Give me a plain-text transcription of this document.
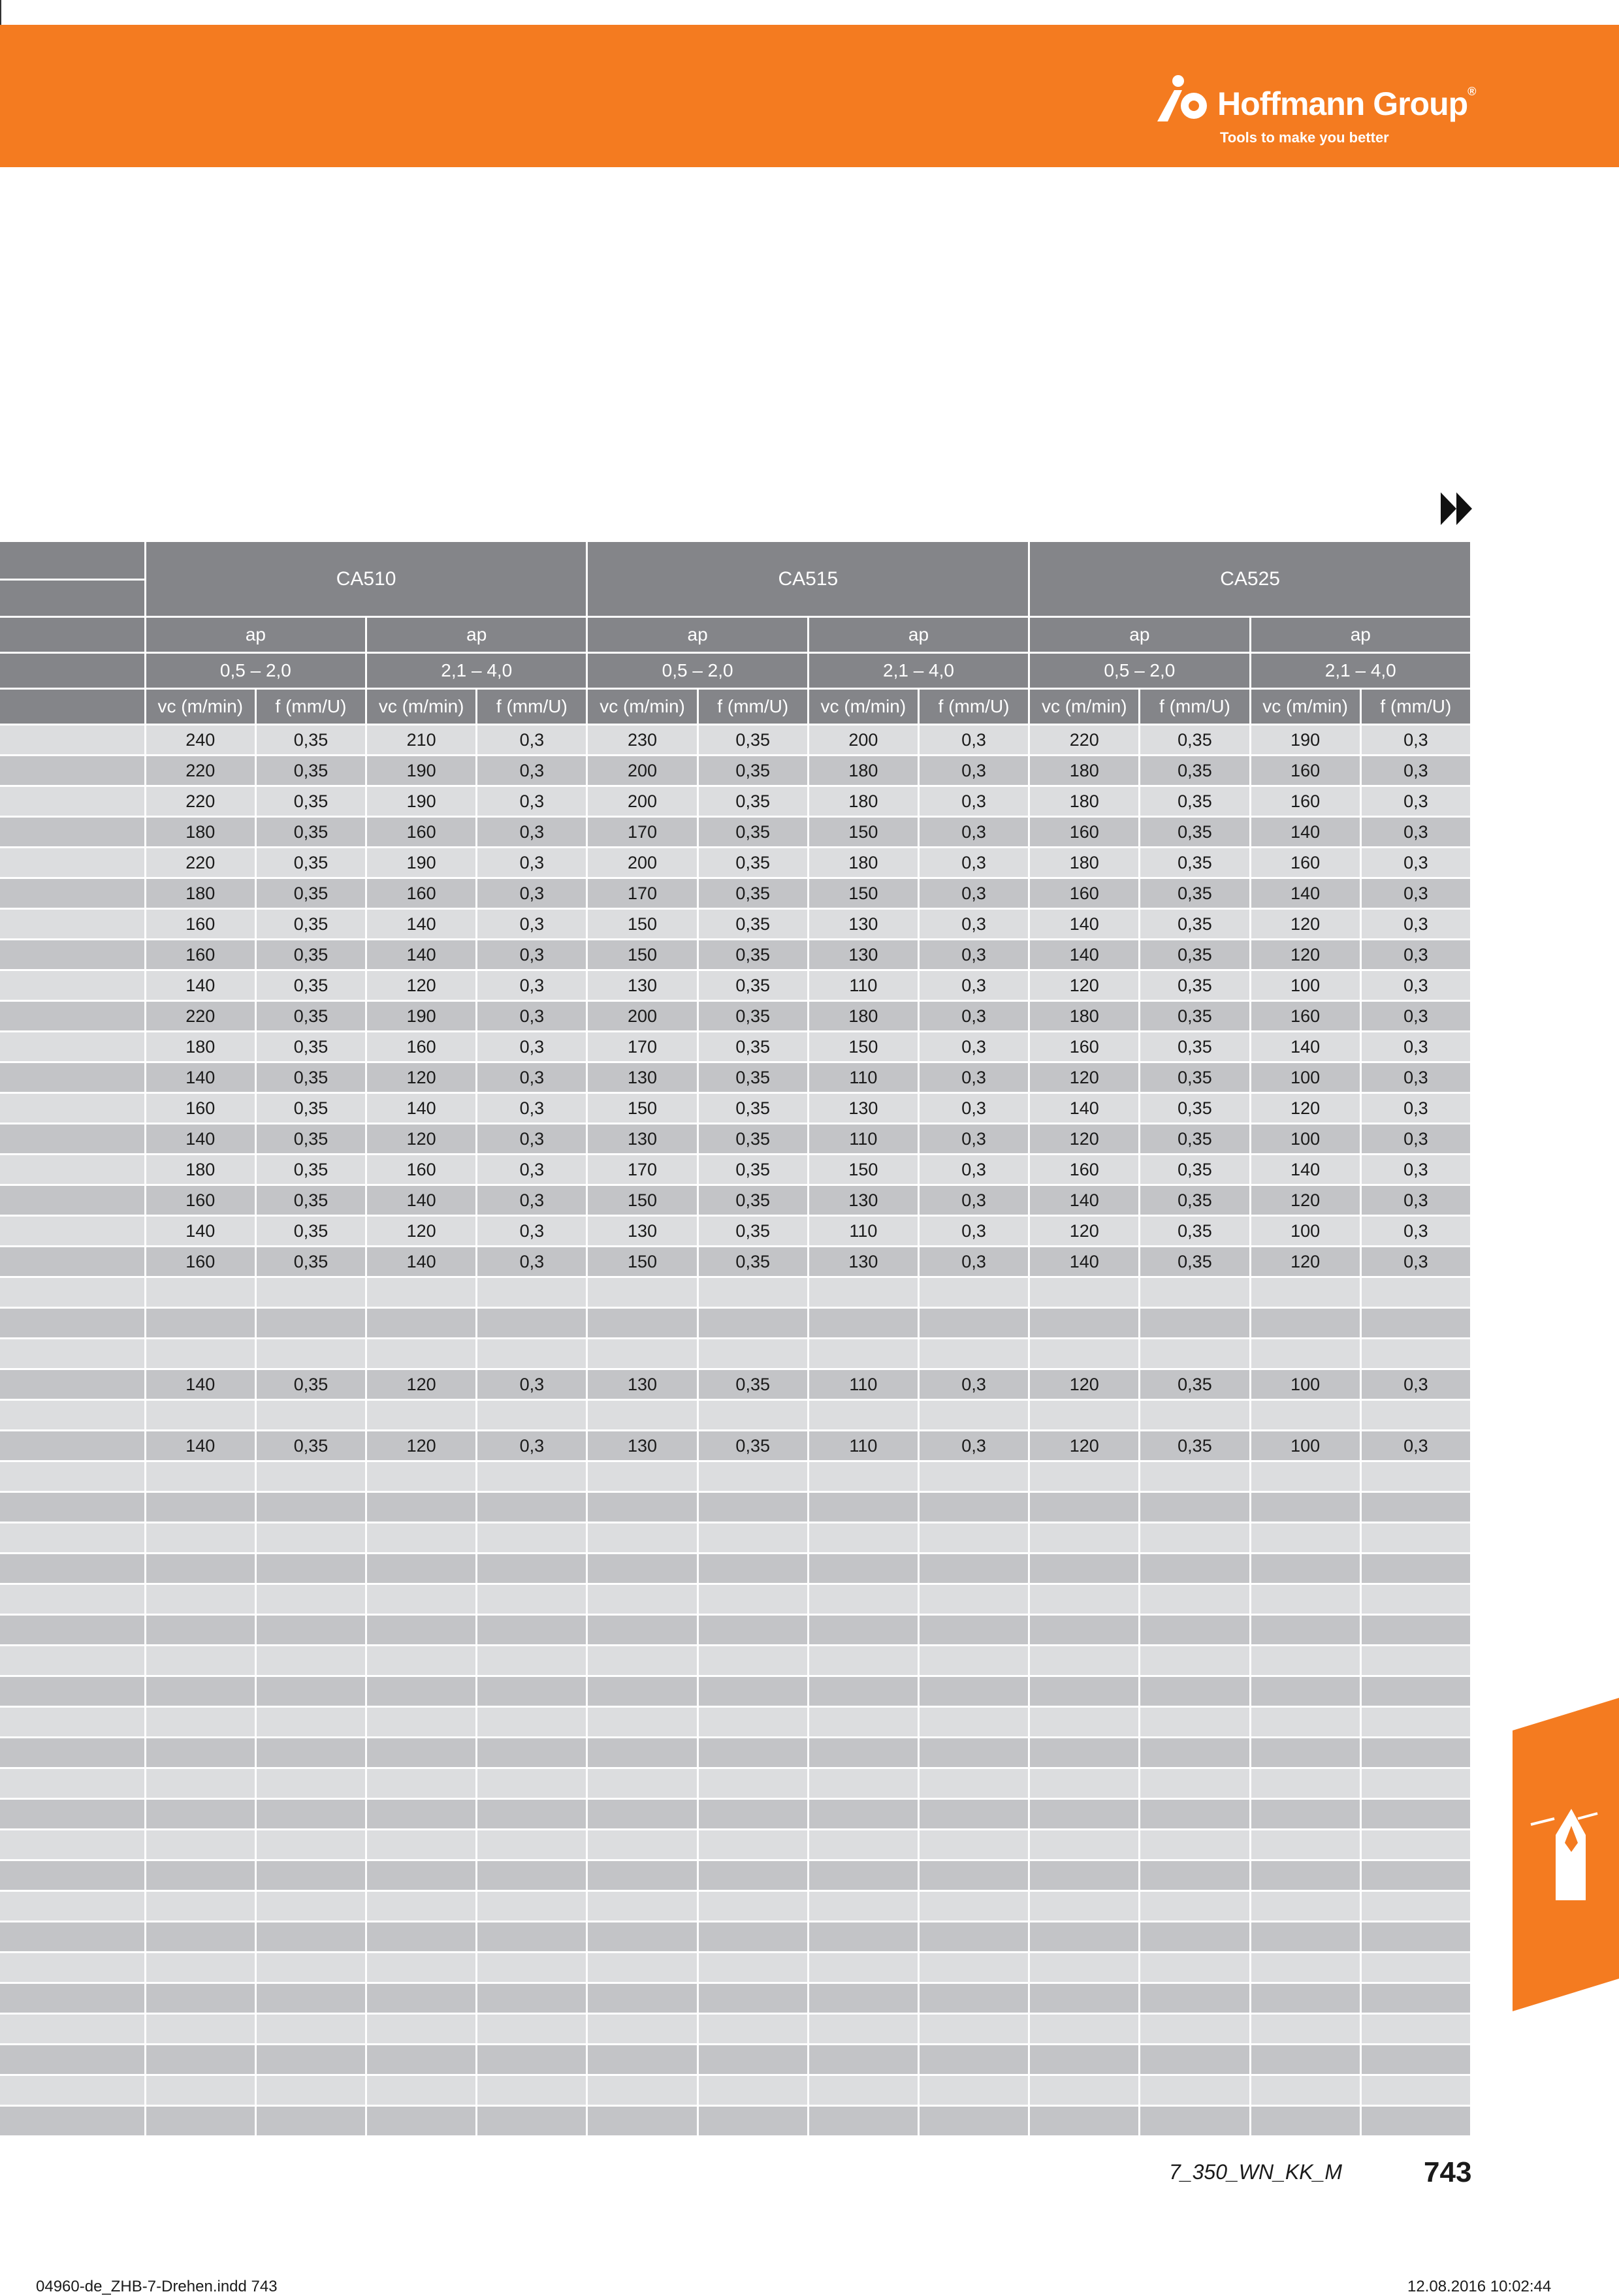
Hoffmann Group®
Tools to make you better
	CA510				CA515				CA525			

	ap		ap		ap		ap		ap		ap	
	0,5 – 2,0		2,1 – 4,0		0,5 – 2,0		2,1 – 4,0		0,5 – 2,0		2,1 – 4,0	
	vc (m/min)	f (mm/U)	vc (m/min)	f (mm/U)	vc (m/min)	f (mm/U)	vc (m/min)	f (mm/U)	vc (m/min)	f (mm/U)	vc (m/min)	f (mm/U)
	240	0,35	210	0,3	230	0,35	200	0,3	220	0,35	190	0,3
	220	0,35	190	0,3	200	0,35	180	0,3	180	0,35	160	0,3
	220	0,35	190	0,3	200	0,35	180	0,3	180	0,35	160	0,3
	180	0,35	160	0,3	170	0,35	150	0,3	160	0,35	140	0,3
	220	0,35	190	0,3	200	0,35	180	0,3	180	0,35	160	0,3
	180	0,35	160	0,3	170	0,35	150	0,3	160	0,35	140	0,3
	160	0,35	140	0,3	150	0,35	130	0,3	140	0,35	120	0,3
	160	0,35	140	0,3	150	0,35	130	0,3	140	0,35	120	0,3
	140	0,35	120	0,3	130	0,35	110	0,3	120	0,35	100	0,3
	220	0,35	190	0,3	200	0,35	180	0,3	180	0,35	160	0,3
	180	0,35	160	0,3	170	0,35	150	0,3	160	0,35	140	0,3
	140	0,35	120	0,3	130	0,35	110	0,3	120	0,35	100	0,3
	160	0,35	140	0,3	150	0,35	130	0,3	140	0,35	120	0,3
	140	0,35	120	0,3	130	0,35	110	0,3	120	0,35	100	0,3
	180	0,35	160	0,3	170	0,35	150	0,3	160	0,35	140	0,3
	160	0,35	140	0,3	150	0,35	130	0,3	140	0,35	120	0,3
	140	0,35	120	0,3	130	0,35	110	0,3	120	0,35	100	0,3
	160	0,35	140	0,3	150	0,35	130	0,3	140	0,35	120	0,3

	140	0,35	120	0,3	130	0,35	110	0,3	120	0,35	100	0,3

	140	0,35	120	0,3	130	0,35	110	0,3	120	0,35	100	0,3

7_350_WN_KK_M	743
04960-de_ZHB-7-Drehen.indd 743	12.08.2016 10:02:44
